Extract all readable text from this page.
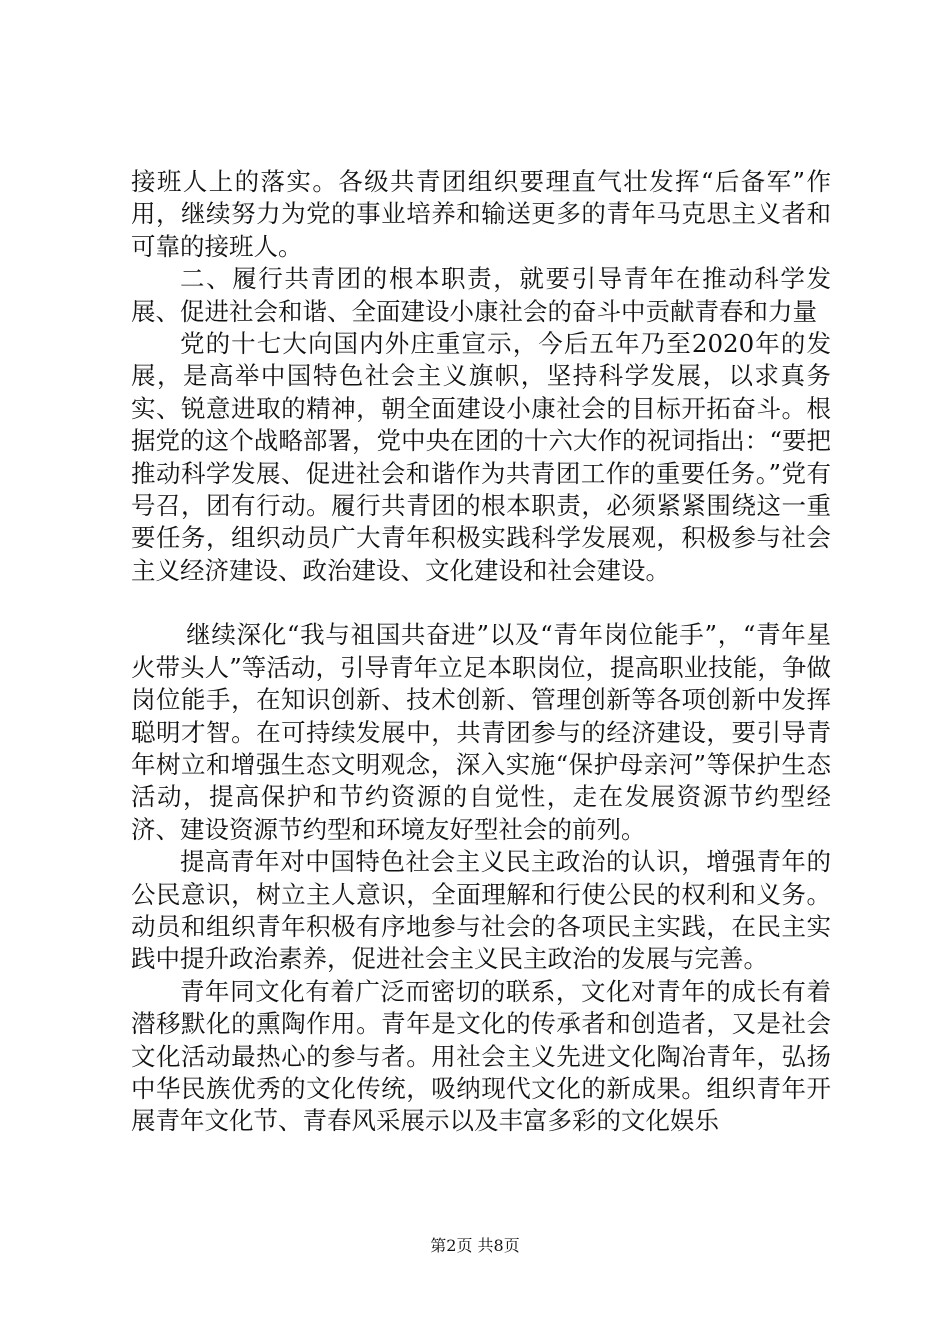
接班人上的落实。各级共青团组织要理直气壮发挥“后备军”作用，继续努力为党的事业培养和输送更多的青年马克思主义者和可靠的接班人。

二、履行共青团的根本职责，就要引导青年在推动科学发展、促进社会和谐、全面建设小康社会的奋斗中贡献青春和力量

党的十七大向国内外庄重宣示，今后五年乃至2020年的发展，是高举中国特色社会主义旗帜，坚持科学发展，以求真务实、锐意进取的精神，朝全面建设小康社会的目标开拓奋斗。根据党的这个战略部署，党中央在团的十六大作的祝词指出：“要把推动科学发展、促进社会和谐作为共青团工作的重要任务。”党有号召，团有行动。履行共青团的根本职责，必须紧紧围绕这一重要任务，组织动员广大青年积极实践科学发展观，积极参与社会主义经济建设、政治建设、文化建设和社会建设。

继续深化“我与祖国共奋进”以及“青年岗位能手”，“青年星火带头人”等活动，引导青年立足本职岗位，提高职业技能，争做岗位能手，在知识创新、技术创新、管理创新等各项创新中发挥聪明才智。在可持续发展中，共青团参与的经济建设，要引导青年树立和增强生态文明观念，深入实施“保护母亲河”等保护生态活动，提高保护和节约资源的自觉性，走在发展资源节约型经济、建设资源节约型和环境友好型社会的前列。

提高青年对中国特色社会主义民主政治的认识，增强青年的公民意识，树立主人意识，全面理解和行使公民的权利和义务。动员和组织青年积极有序地参与社会的各项民主实践，在民主实践中提升政治素养，促进社会主义民主政治的发展与完善。

青年同文化有着广泛而密切的联系，文化对青年的成长有着潜移默化的熏陶作用。青年是文化的传承者和创造者，又是社会文化活动最热心的参与者。用社会主义先进文化陶冶青年，弘扬中华民族优秀的文化传统，吸纳现代文化的新成果。组织青年开展青年文化节、青春风采展示以及丰富多彩的文化娱乐

第2页 共8页
